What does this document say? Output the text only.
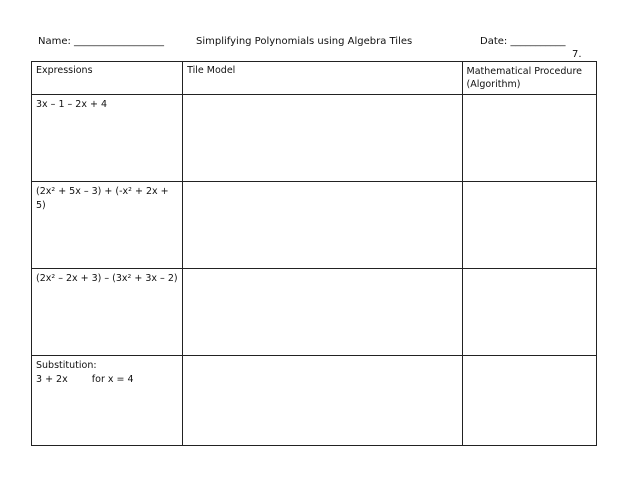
Name: __________________	Simplifying Polynomials using Algebra Tiles	Date: ___________
7.
Expressions	Tile Model	Mathematical Procedure
(Algorithm)
3x – 1 – 2x + 4		
(2x² + 5x – 3) + (-x² + 2x + 5)		
(2x² – 2x + 3) – (3x² + 3x – 2)		

Substitution:
3 + 2x for x = 4		
